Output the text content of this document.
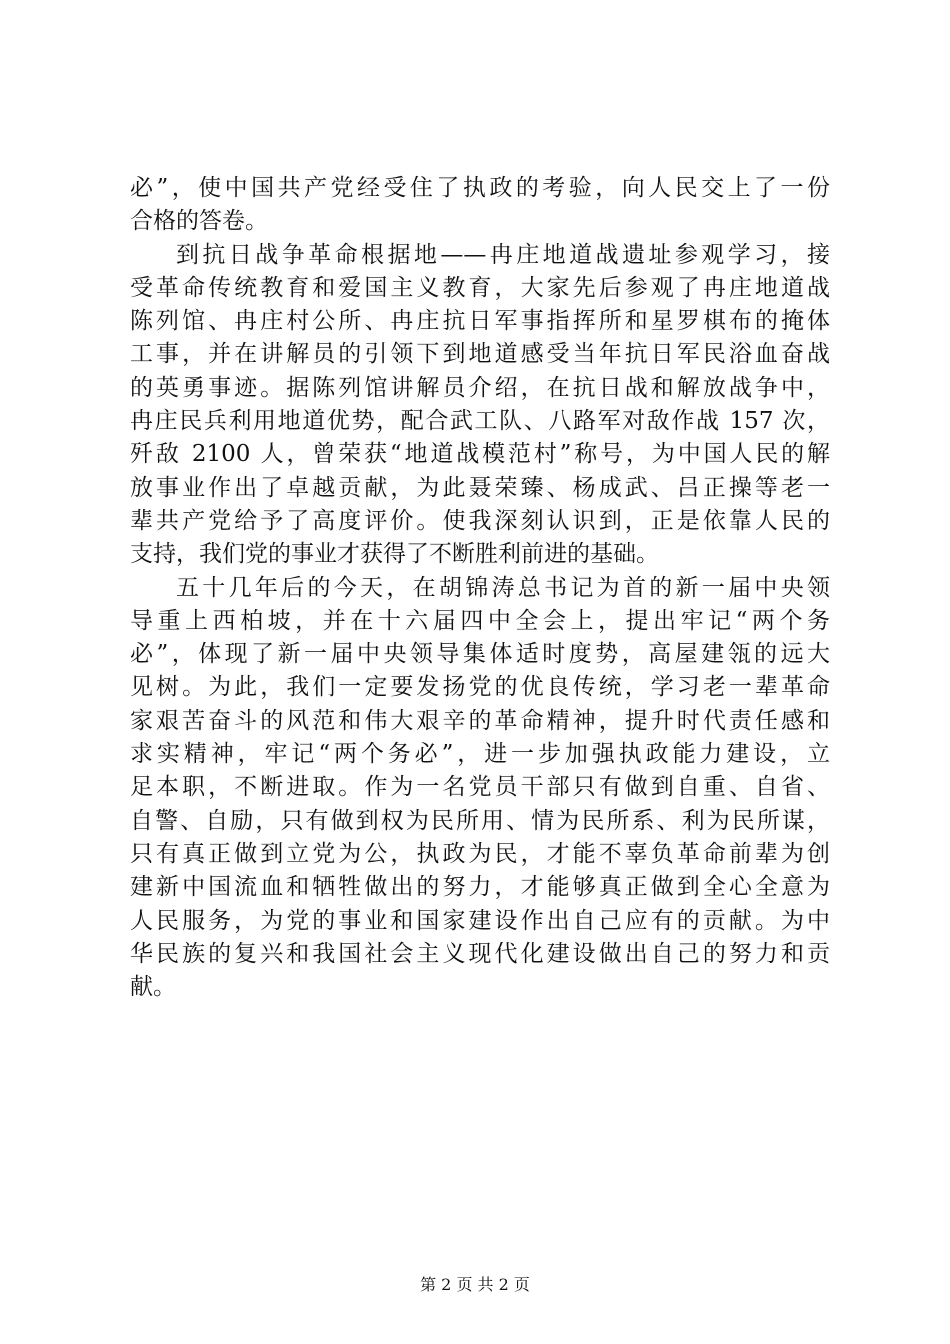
必”，使中国共产党经受住了执政的考验，向人民交上了一份
合格的答卷。
到抗日战争革命根据地——冉庄地道战遗址参观学习，接
受革命传统教育和爱国主义教育，大家先后参观了冉庄地道战
陈列馆、冉庄村公所、冉庄抗日军事指挥所和星罗棋布的掩体
工事，并在讲解员的引领下到地道感受当年抗日军民浴血奋战
的英勇事迹。据陈列馆讲解员介绍，在抗日战和解放战争中，
冉庄民兵利用地道优势，配合武工队、八路军对敌作战 157 次，
歼敌 2100 人，曾荣获“地道战模范村”称号，为中国人民的解
放事业作出了卓越贡献，为此聂荣臻、杨成武、吕正操等老一
辈共产党给予了高度评价。使我深刻认识到，正是依靠人民的
支持，我们党的事业才获得了不断胜利前进的基础。
五十几年后的今天，在胡锦涛总书记为首的新一届中央领
导重上西柏坡，并在十六届四中全会上，提出牢记“两个务
必”，体现了新一届中央领导集体适时度势，高屋建瓴的远大
见树。为此，我们一定要发扬党的优良传统，学习老一辈革命
家艰苦奋斗的风范和伟大艰辛的革命精神，提升时代责任感和
求实精神，牢记“两个务必”，进一步加强执政能力建设，立
足本职，不断进取。作为一名党员干部只有做到自重、自省、
自警、自励，只有做到权为民所用、情为民所系、利为民所谋，
只有真正做到立党为公，执政为民，才能不辜负革命前辈为创
建新中国流血和牺牲做出的努力，才能够真正做到全心全意为
人民服务，为党的事业和国家建设作出自己应有的贡献。为中
华民族的复兴和我国社会主义现代化建设做出自己的努力和贡
献。
第 2 页 共 2 页
